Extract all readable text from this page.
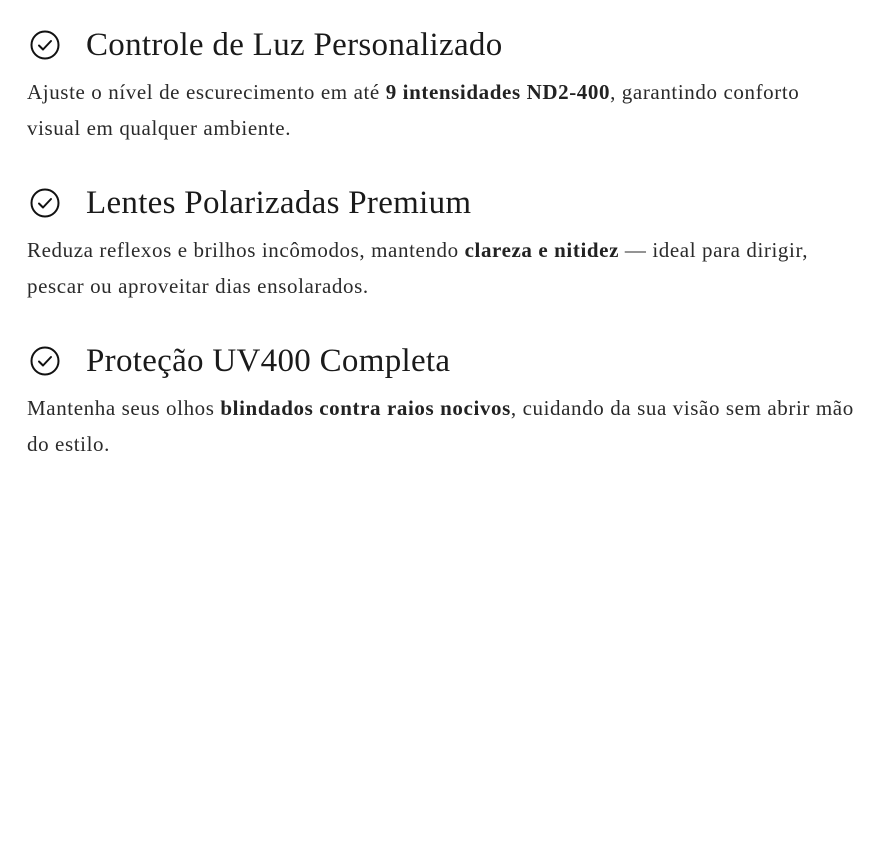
Controle de Luz Personalizado

Ajuste o nível de escurecimento em até 9 intensidades ND2-400, garantindo conforto visual em qualquer ambiente.

Lentes Polarizadas Premium

Reduza reflexos e brilhos incômodos, mantendo clareza e nitidez — ideal para dirigir, pescar ou aproveitar dias ensolarados.

Proteção UV400 Completa

Mantenha seus olhos blindados contra raios nocivos, cuidando da sua visão sem abrir mão do estilo.
